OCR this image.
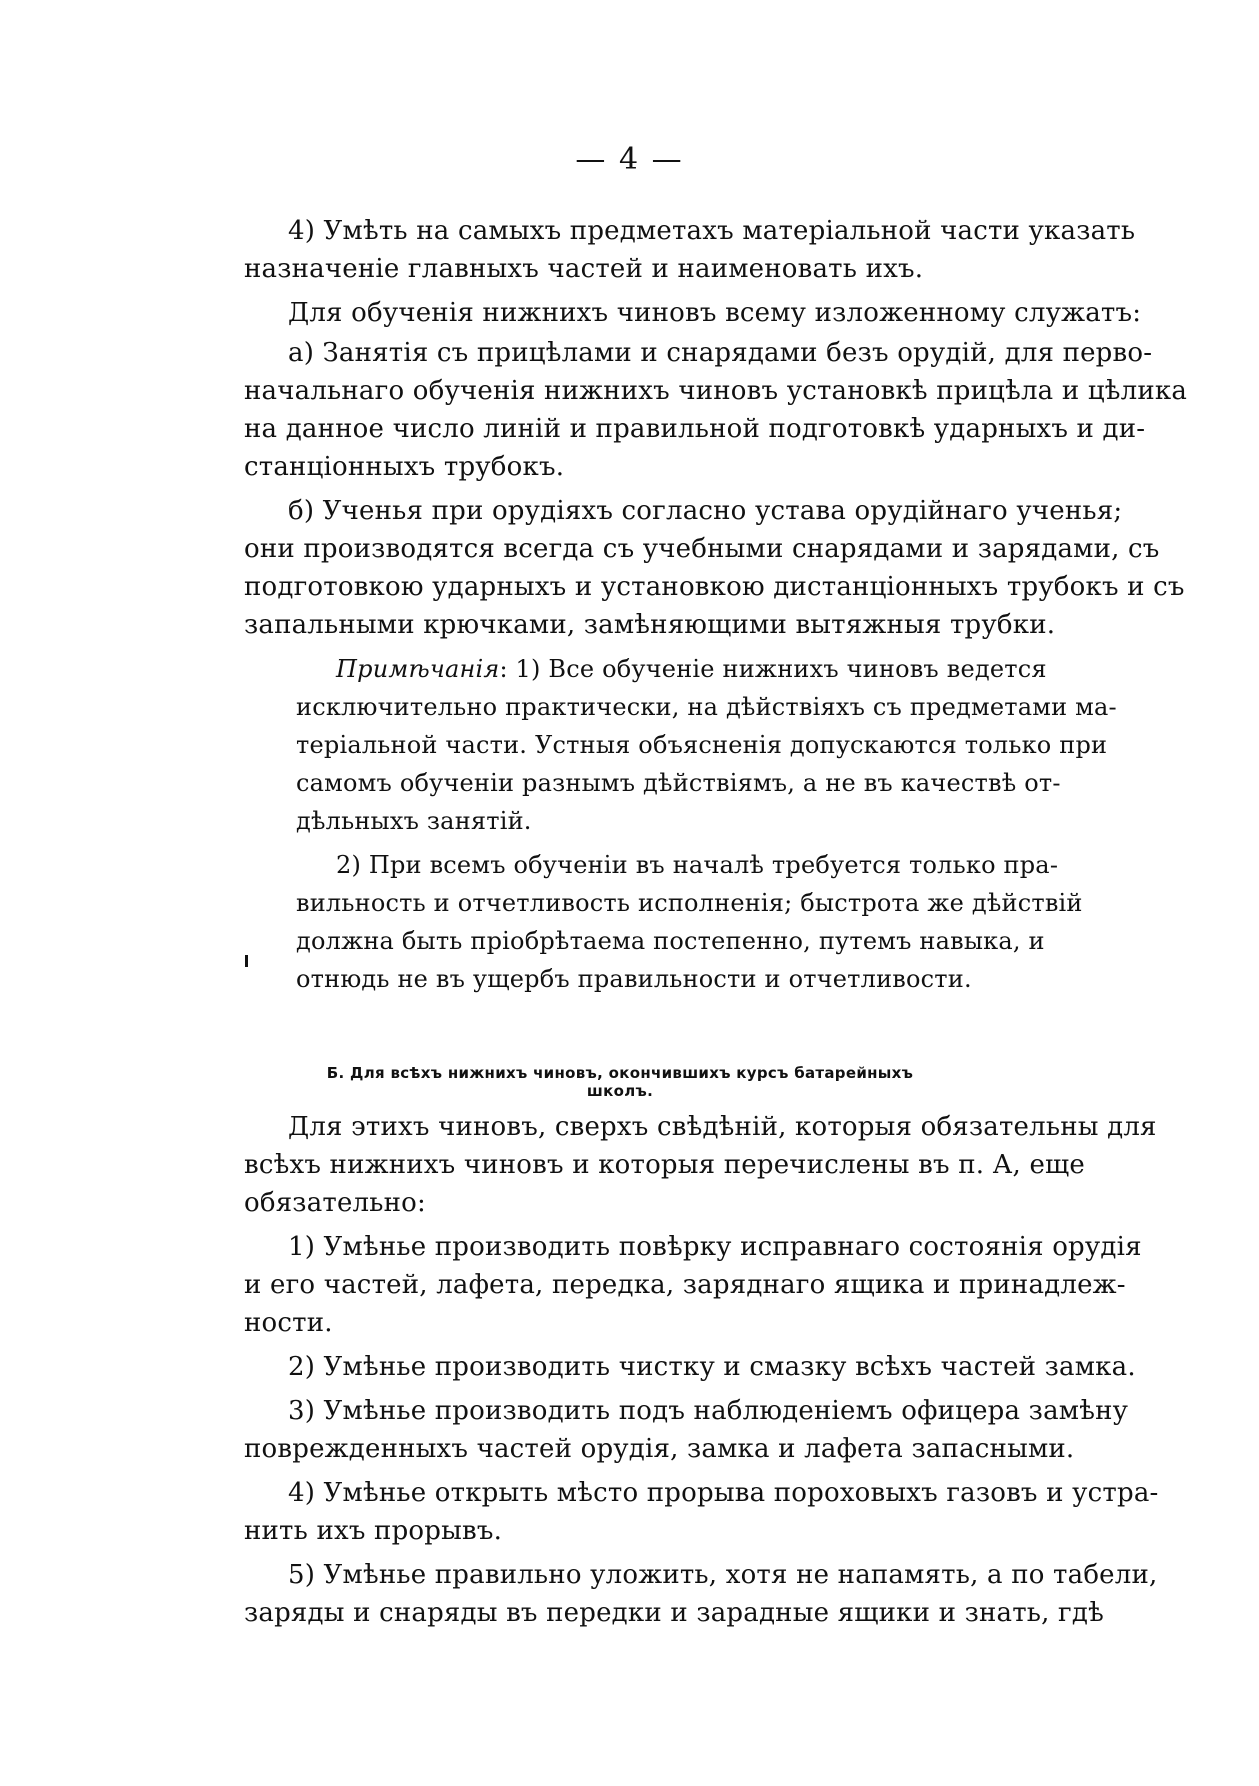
— 4 —
4) Умѣть на самыхъ предметахъ матеріальной части указать
назначеніе главныхъ частей и наименовать ихъ.
Для обученія нижнихъ чиновъ всему изложенному служатъ:
а) Занятія съ прицѣлами и снарядами безъ орудій, для перво-
начальнаго обученія нижнихъ чиновъ установкѣ прицѣла и цѣлика
на данное число линій и правильной подготовкѣ ударныхъ и ди-
станціонныхъ трубокъ.
б) Ученья при орудіяхъ согласно устава орудійнаго ученья;
они производятся всегда съ учебными снарядами и зарядами, съ
подготовкою ударныхъ и установкою дистанціонныхъ трубокъ и съ
запальными крючками, замѣняющими вытяжныя трубки.
Примѣчанія: 1) Все обученіе нижнихъ чиновъ ведется
исключительно практически, на дѣйствіяхъ съ предметами ма-
теріальной части. Устныя объясненія допускаются только при
самомъ обученіи разнымъ дѣйствіямъ, а не въ качествѣ от-
дѣльныхъ занятій.
2) При всемъ обученіи въ началѣ требуется только пра-
вильность и отчетливость исполненія; быстрота же дѣйствій
должна быть пріобрѣтаема постепенно, путемъ навыка, и
отнюдь не въ ущербъ правильности и отчетливости.
Б. Для всѣхъ нижнихъ чиновъ, окончившихъ курсъ батарейныхъ школъ.
Для этихъ чиновъ, сверхъ свѣдѣній, которыя обязательны для
всѣхъ нижнихъ чиновъ и которыя перечислены въ п. А, еще
обязательно:
1) Умѣнье производить повѣрку исправнаго состоянія орудія
и его частей, лафета, передка, заряднаго ящика и принадлеж-
ности.
2) Умѣнье производить чистку и смазку всѣхъ частей замка.
3) Умѣнье производить подъ наблюденіемъ офицера замѣну
поврежденныхъ частей орудія, замка и лафета запасными.
4) Умѣнье открыть мѣсто прорыва пороховыхъ газовъ и устра-
нить ихъ прорывъ.
5) Умѣнье правильно уложить, хотя не напамять, а по табели,
заряды и снаряды въ передки и зарадные ящики и знать, гдѣ
